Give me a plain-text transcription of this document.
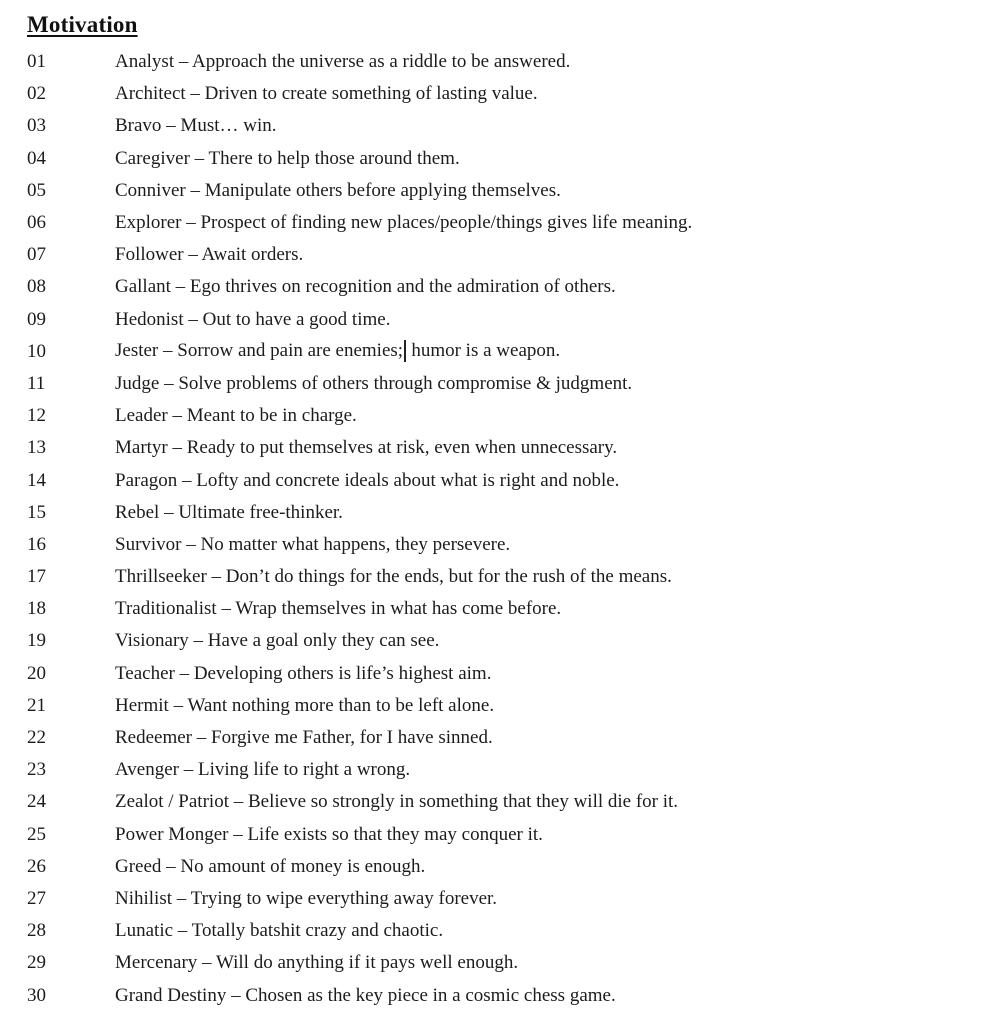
Motivation
01	Analyst – Approach the universe as a riddle to be answered.
02	Architect – Driven to create something of lasting value.
03	Bravo – Must… win.
04	Caregiver – There to help those around them.
05	Conniver – Manipulate others before applying themselves.
06	Explorer – Prospect of finding new places/people/things gives life meaning.
07	Follower – Await orders.
08	Gallant – Ego thrives on recognition and the admiration of others.
09	Hedonist – Out to have a good time.
10	Jester – Sorrow and pain are enemies; humor is a weapon.
11	Judge – Solve problems of others through compromise & judgment.
12	Leader – Meant to be in charge.
13	Martyr – Ready to put themselves at risk, even when unnecessary.
14	Paragon – Lofty and concrete ideals about what is right and noble.
15	Rebel – Ultimate free-thinker.
16	Survivor – No matter what happens, they persevere.
17	Thrillseeker – Don’t do things for the ends, but for the rush of the means.
18	Traditionalist – Wrap themselves in what has come before.
19	Visionary – Have a goal only they can see.
20	Teacher – Developing others is life’s highest aim.
21	Hermit – Want nothing more than to be left alone.
22	Redeemer – Forgive me Father, for I have sinned.
23	Avenger – Living life to right a wrong.
24	Zealot / Patriot – Believe so strongly in something that they will die for it.
25	Power Monger – Life exists so that they may conquer it.
26	Greed – No amount of money is enough.
27	Nihilist – Trying to wipe everything away forever.
28	Lunatic – Totally batshit crazy and chaotic.
29	Mercenary – Will do anything if it pays well enough.
30	Grand Destiny – Chosen as the key piece in a cosmic chess game.
